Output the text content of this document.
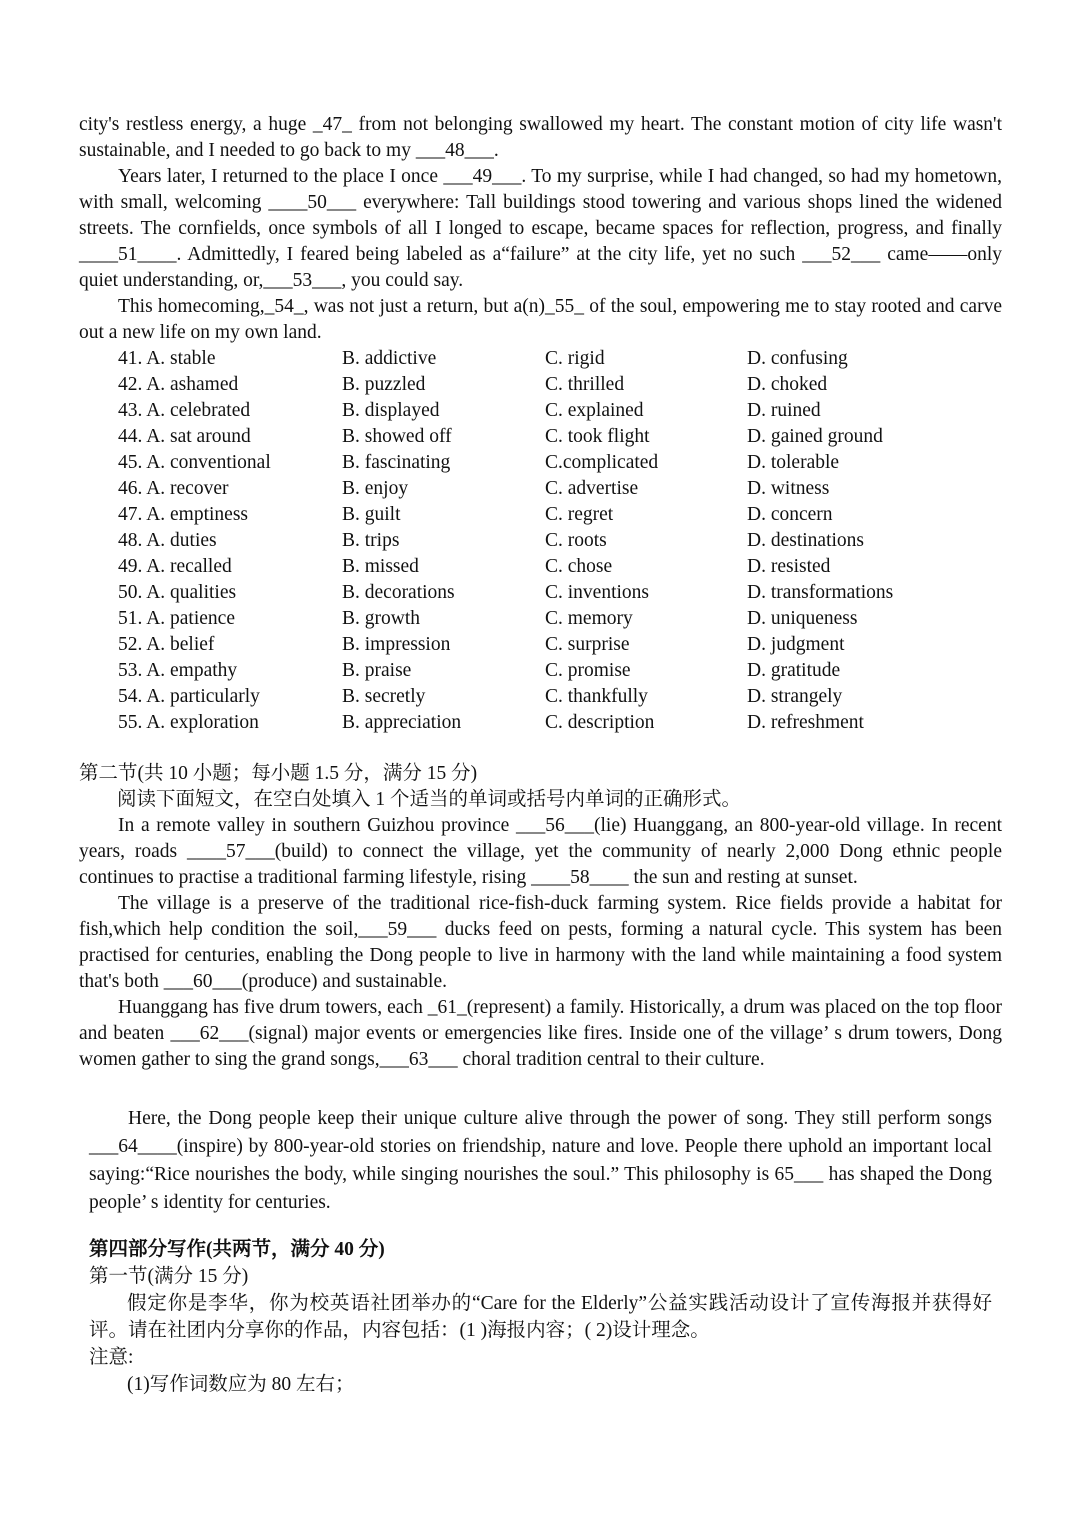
city's restless energy, a huge _47_ from not belonging swallowed my heart. The constant motion of city life wasn't sustainable, and I needed to go back to my ___48___.

Years later, I returned to the place I once ___49___. To my surprise, while I had changed, so had my hometown, with small, welcoming ____50___ everywhere: Tall buildings stood towering and various shops lined the widened streets. The cornfields, once symbols of all I longed to escape, became spaces for reflection, progress, and finally ____51____. Admittedly, I feared being labeled as a“failure” at the city life, yet no such ___52___ came——only quiet understanding, or,___53___, you could say.

This homecoming,_54_, was not just a return, but a(n)_55_ of the soul, empowering me to stay rooted and carve out a new life on my own land.

41. A. stable	B. addictive	C. rigid	D. confusing
42. A. ashamed	B. puzzled	C. thrilled	D. choked
43. A. celebrated	B. displayed	C. explained	D. ruined
44. A. sat around	B. showed off	C. took flight	D. gained ground
45. A. conventional	B. fascinating	C.complicated	D. tolerable
46. A. recover	B. enjoy	C. advertise	D. witness
47. A. emptiness	B. guilt	C. regret	D. concern
48. A. duties	B. trips	C. roots	D. destinations
49. A. recalled	B. missed	C. chose	D. resisted
50. A. qualities	B. decorations	C. inventions	D. transformations
51. A. patience	B. growth	C. memory	D. uniqueness
52. A. belief	B. impression	C. surprise	D. judgment
53. A. empathy	B. praise	C. promise	D. gratitude
54. A. particularly	B. secretly	C. thankfully	D. strangely
55. A. exploration	B. appreciation	C. description	D. refreshment

第二节(共 10 小题；每小题 1.5 分，满分 15 分)

阅读下面短文，在空白处填入 1 个适当的单词或括号内单词的正确形式。

In a remote valley in southern Guizhou province ___56___(lie) Huanggang, an 800-year-old village. In recent years, roads ____57___(build) to connect the village, yet the community of nearly 2,000 Dong ethnic people continues to practise a traditional farming lifestyle, rising ____58____ the sun and resting at sunset.

The village is a preserve of the traditional rice-fish-duck farming system. Rice fields provide a habitat for fish,which help condition the soil,___59___ ducks feed on pests, forming a natural cycle. This system has been practised for centuries, enabling the Dong people to live in harmony with the land while maintaining a food system that's both ___60___(produce) and sustainable.

Huanggang has five drum towers, each _61_(represent) a family. Historically, a drum was placed on the top floor and beaten ___62___(signal) major events or emergencies like fires. Inside one of the village’ s drum towers, Dong women gather to sing the grand songs,___63___ choral tradition central to their culture.

Here, the Dong people keep their unique culture alive through the power of song. They still perform songs ___64____(inspire) by 800-year-old stories on friendship, nature and love. People there uphold an important local saying:“Rice nourishes the body, while singing nourishes the soul.” This philosophy is 65___ has shaped the Dong people’ s identity for centuries.

第四部分写作(共两节，满分 40 分)

第一节(满分 15 分)

假定你是李华，你为校英语社团举办的“Care for the Elderly”公益实践活动设计了宣传海报并获得好评。请在社团内分享你的作品，内容包括：(1 )海报内容；( 2)设计理念。

注意:

(1)写作词数应为 80 左右；
